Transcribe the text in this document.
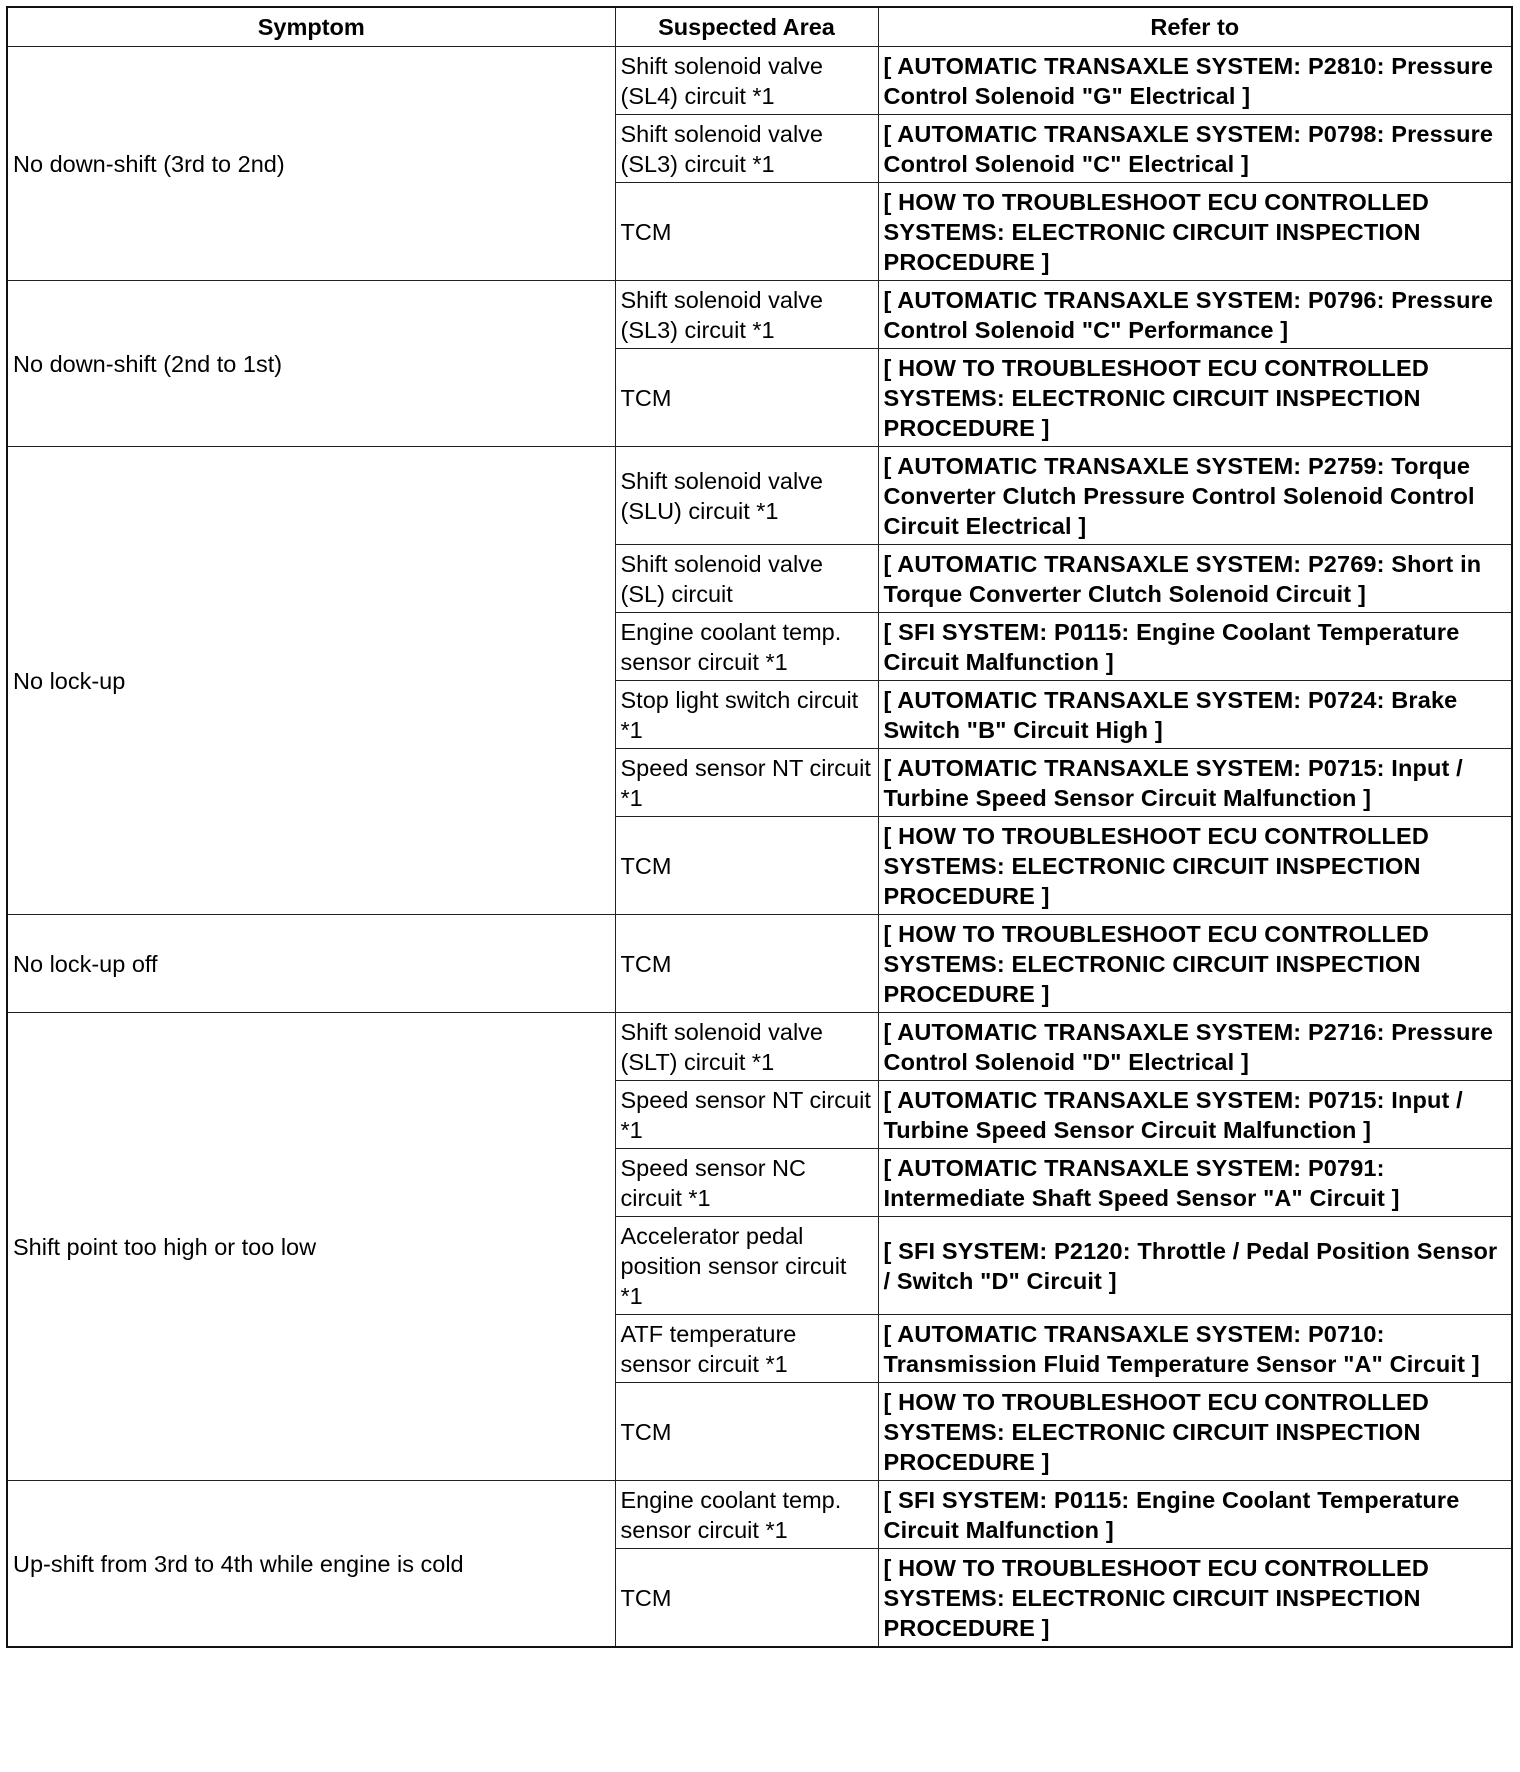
Symptom	Suspected Area	Refer to
No down-shift (3rd to 2nd)	Shift solenoid valve (SL4) circuit *1	[ AUTOMATIC TRANSAXLE SYSTEM: P2810: Pressure Control Solenoid "G" Electrical ]
	Shift solenoid valve (SL3) circuit *1	[ AUTOMATIC TRANSAXLE SYSTEM: P0798: Pressure Control Solenoid "C" Electrical ]
	TCM	[ HOW TO TROUBLESHOOT ECU CONTROLLED SYSTEMS: ELECTRONIC CIRCUIT INSPECTION PROCEDURE ]
No down-shift (2nd to 1st)	Shift solenoid valve (SL3) circuit *1	[ AUTOMATIC TRANSAXLE SYSTEM: P0796: Pressure Control Solenoid "C" Performance ]
	TCM	[ HOW TO TROUBLESHOOT ECU CONTROLLED SYSTEMS: ELECTRONIC CIRCUIT INSPECTION PROCEDURE ]
No lock-up	Shift solenoid valve (SLU) circuit *1	[ AUTOMATIC TRANSAXLE SYSTEM: P2759: Torque Converter Clutch Pressure Control Solenoid Control Circuit Electrical ]
	Shift solenoid valve (SL) circuit	[ AUTOMATIC TRANSAXLE SYSTEM: P2769: Short in Torque Converter Clutch Solenoid Circuit ]
	Engine coolant temp. sensor circuit *1	[ SFI SYSTEM: P0115: Engine Coolant Temperature Circuit Malfunction ]
	Stop light switch circuit *1	[ AUTOMATIC TRANSAXLE SYSTEM: P0724: Brake Switch "B" Circuit High ]
	Speed sensor NT circuit *1	[ AUTOMATIC TRANSAXLE SYSTEM: P0715: Input / Turbine Speed Sensor Circuit Malfunction ]
	TCM	[ HOW TO TROUBLESHOOT ECU CONTROLLED SYSTEMS: ELECTRONIC CIRCUIT INSPECTION PROCEDURE ]
No lock-up off	TCM	[ HOW TO TROUBLESHOOT ECU CONTROLLED SYSTEMS: ELECTRONIC CIRCUIT INSPECTION PROCEDURE ]
Shift point too high or too low	Shift solenoid valve (SLT) circuit *1	[ AUTOMATIC TRANSAXLE SYSTEM: P2716: Pressure Control Solenoid "D" Electrical ]
	Speed sensor NT circuit *1	[ AUTOMATIC TRANSAXLE SYSTEM: P0715: Input / Turbine Speed Sensor Circuit Malfunction ]
	Speed sensor NC circuit *1	[ AUTOMATIC TRANSAXLE SYSTEM: P0791: Intermediate Shaft Speed Sensor "A" Circuit ]
	Accelerator pedal position sensor circuit *1	[ SFI SYSTEM: P2120: Throttle / Pedal Position Sensor / Switch "D" Circuit ]
	ATF temperature sensor circuit *1	[ AUTOMATIC TRANSAXLE SYSTEM: P0710: Transmission Fluid Temperature Sensor "A" Circuit ]
	TCM	[ HOW TO TROUBLESHOOT ECU CONTROLLED SYSTEMS: ELECTRONIC CIRCUIT INSPECTION PROCEDURE ]
Up-shift from 3rd to 4th while engine is cold	Engine coolant temp. sensor circuit *1	[ SFI SYSTEM: P0115: Engine Coolant Temperature Circuit Malfunction ]
	TCM	[ HOW TO TROUBLESHOOT ECU CONTROLLED SYSTEMS: ELECTRONIC CIRCUIT INSPECTION PROCEDURE ]
